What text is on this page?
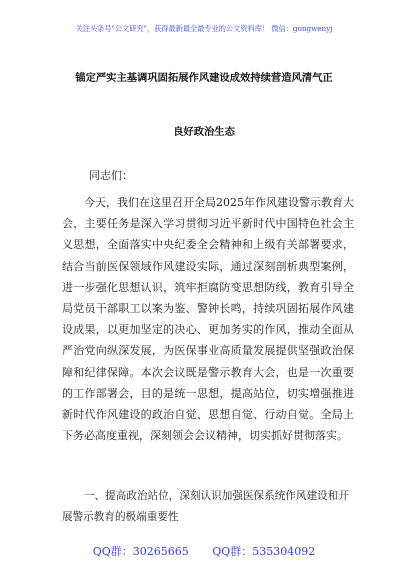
关注头条号"公文研究"，获得最新最全最专业的公文资料库！ 微信：gongwenyj
锚定严实主基调巩固拓展作风建设成效持续营造风清气正
良好政治生态
同志们：

今天，我们在这里召开全局2025年作风建设警示教育大会，主要任务是深入学习贯彻习近平新时代中国特色社会主义思想，全面落实中央纪委全会精神和上级有关部署要求，结合当前医保领域作风建设实际，通过深刻剖析典型案例，进一步强化思想认识，筑牢拒腐防变思想防线，教育引导全局党员干部职工以案为鉴、警钟长鸣，持续巩固拓展作风建设成果，以更加坚定的决心、更加务实的作风，推动全面从严治党向纵深发展，为医保事业高质量发展提供坚强政治保障和纪律保障。本次会议既是警示教育大会，也是一次重要的工作部署会，目的是统一思想，提高站位，切实增强推进新时代作风建设的政治自觉、思想自觉、行动自觉。全局上下务必高度重视，深刻领会会议精神，切实抓好贯彻落实。

一、提高政治站位，深刻认识加强医保系统作风建设和开展警示教育的极端重要性
QQ群：30265665 QQ群：535304092
